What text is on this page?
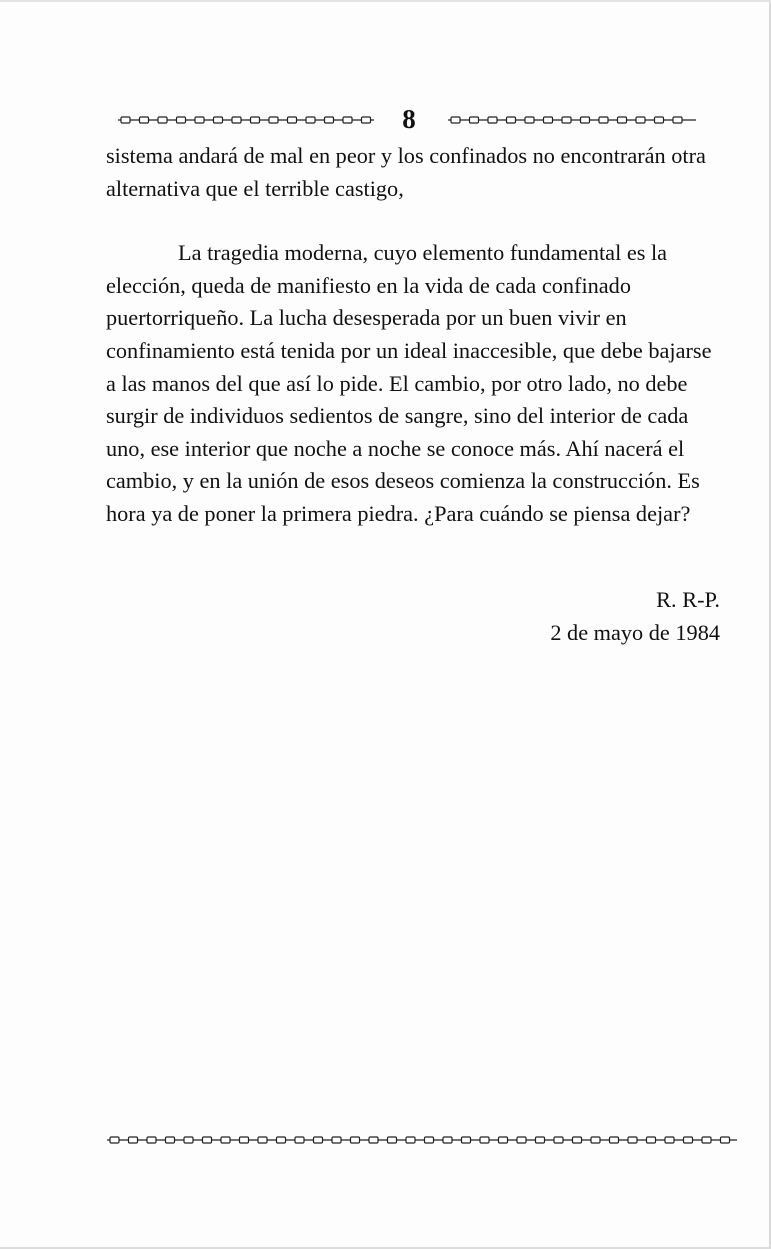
8

sistema andará de mal en peor y los confinados no encontrarán otra alternativa que el terrible castigo,

La tragedia moderna, cuyo elemento fundamental es la elección, queda de manifiesto en la vida de cada confinado puertorriqueño. La lucha desesperada por un buen vivir en confinamiento está tenida por un ideal inaccesible, que debe bajarse a las manos del que así lo pide. El cambio, por otro lado, no debe surgir de individuos sedientos de sangre, sino del interior de cada uno, ese interior que noche a noche se conoce más. Ahí nacerá el cambio, y en la unión de esos deseos comienza la construcción. Es hora ya de poner la primera piedra. ¿Para cuándo se piensa dejar?

R. R-P.
2 de mayo de 1984
